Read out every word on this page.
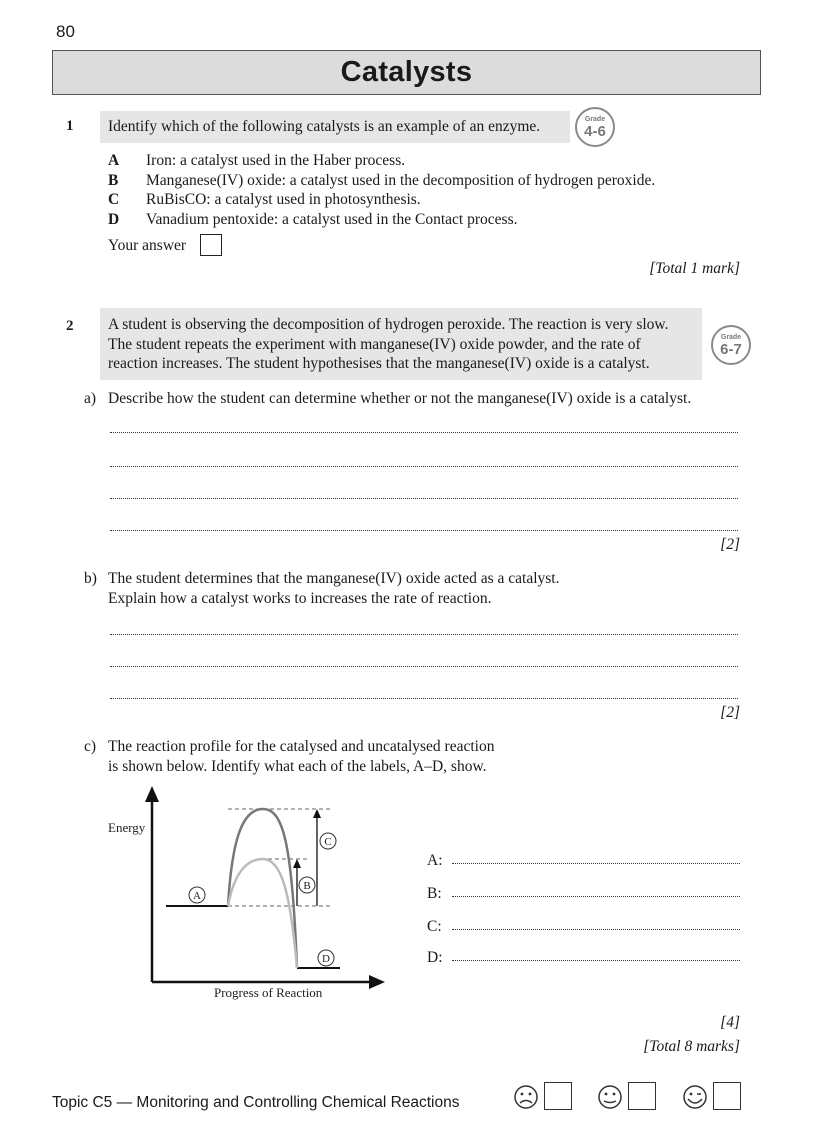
80
Catalysts
1	Identify which of the following catalysts is an example of an enzyme.	Grade
4-6
A Iron: a catalyst used in the Haber process.
B Manganese(IV) oxide: a catalyst used in the decomposition of hydrogen peroxide.
C RuBisCO: a catalyst used in photosynthesis.
D Vanadium pentoxide: a catalyst used in the Contact process.
Your answer
[Total 1 mark]
2 A student is observing the decomposition of hydrogen peroxide. The reaction is very slow.
The student repeats the experiment with manganese(IV) oxide powder, and the rate of
reaction increases. The student hypothesises that the manganese(IV) oxide is a catalyst.
Grade
6-7
a) Describe how the student can determine whether or not the manganese(IV) oxide is a catalyst.
[2]
b) The student determines that the manganese(IV) oxide acted as a catalyst.
Explain how a catalyst works to increases the rate of reaction.
[2]
c) The reaction profile for the catalysed and uncatalysed reaction
is shown below. Identify what each of the labels, A–D, show.
Energy
Progress of Reaction
A
B
C
D
A:
B:
C:
D:
[4]
[Total 8 marks]
Topic C5 — Monitoring and Controlling Chemical Reactions
